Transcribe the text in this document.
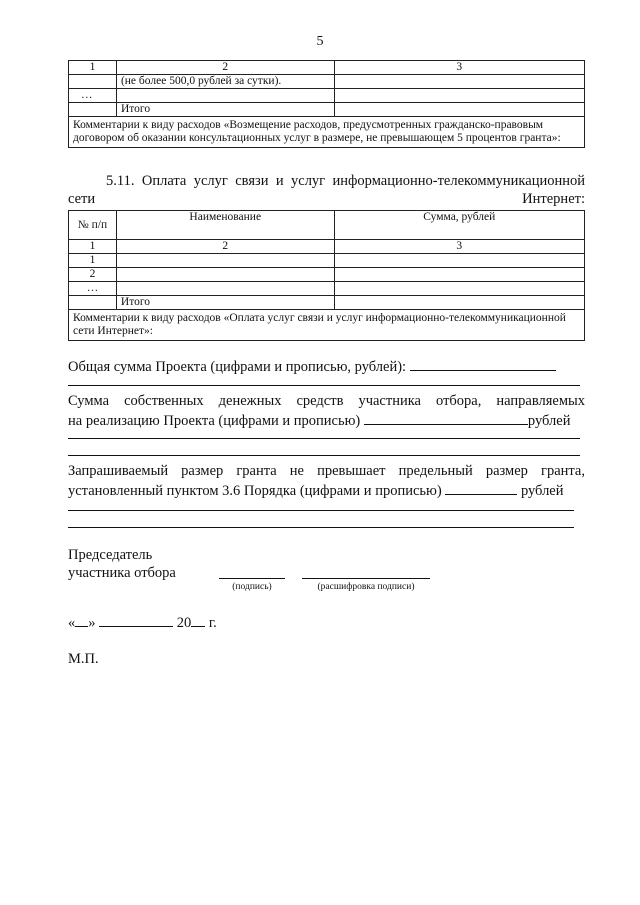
5
1	2	3
	(не более 500,0 рублей за сутки).	
…		
	Итого	
Комментарии к виду расходов «Возмещение расходов, предусмотренных гражданско-правовым договором об оказании консультационных услуг в размере, не превышающем 5 процентов гранта»:		
5.11. Оплата услуг связи и услуг информационно-телекоммуникационной сети Интернет:
№ п/п	Наименование	Сумма, рублей
1	2	3
1		
2		
…		
	Итого	
Комментарии к виду расходов «Оплата услуг связи и услуг информационно-телекоммуникационной сети Интернет»:		
Общая сумма Проекта (цифрами и прописью, рублей):
Сумма собственных денежных средств участника отбора, направляемых
на реализацию Проекта (цифрами и прописью)	рублей
Запрашиваемый размер гранта не превышает предельный размер гранта,
установленный пунктом 3.6 Порядка (цифрами и прописью)	рублей
Председатель
участника отбора
(подпись)	(расшифровка подписи)
« »	20 г.
М.П.
